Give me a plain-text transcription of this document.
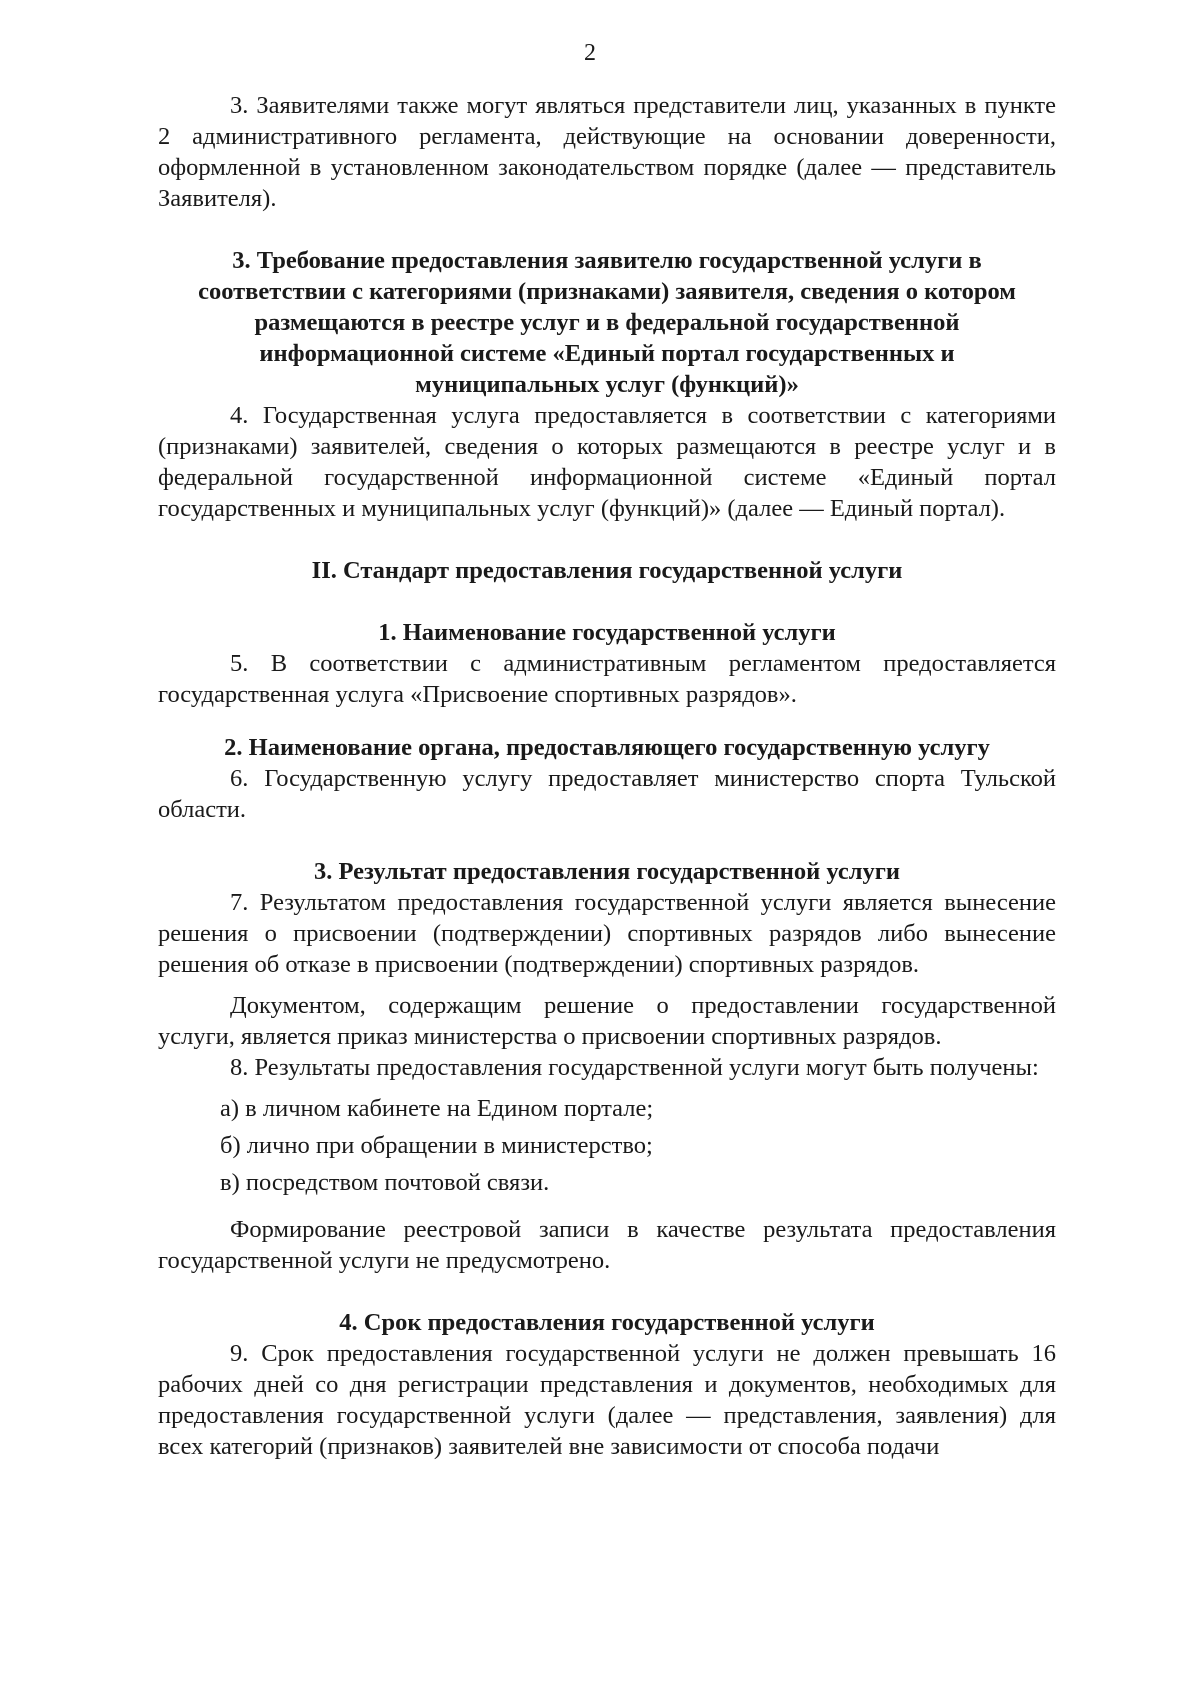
2

3. Заявителями также могут являться представители лиц, указанных в пункте 2 административного регламента, действующие на основании доверенности, оформленной в установленном законодательством порядке (далее — представитель Заявителя).

3. Требование предоставления заявителю государственной услуги в соответствии с категориями (признаками) заявителя, сведения о котором размещаются в реестре услуг и в федеральной государственной информационной системе «Единый портал государственных и муниципальных услуг (функций)»

4. Государственная услуга предоставляется в соответствии с категориями (признаками) заявителей, сведения о которых размещаются в реестре услуг и в федеральной государственной информационной системе «Единый портал государственных и муниципальных услуг (функций)» (далее — Единый портал).

II. Стандарт предоставления государственной услуги
1. Наименование государственной услуги

5. В соответствии с административным регламентом предоставляется государственная услуга «Присвоение спортивных разрядов».

2. Наименование органа, предоставляющего государственную услугу

6. Государственную услугу предоставляет министерство спорта Тульской области.

3. Результат предоставления государственной услуги

7. Результатом предоставления государственной услуги является вынесение решения о присвоении (подтверждении) спортивных разрядов либо вынесение решения об отказе в присвоении (подтверждении) спортивных разрядов.

Документом, содержащим решение о предоставлении государственной услуги, является приказ министерства о присвоении спортивных разрядов.

8. Результаты предоставления государственной услуги могут быть получены:

а) в личном кабинете на Едином портале;
б) лично при обращении в министерство;
в) посредством почтовой связи.

Формирование реестровой записи в качестве результата предоставления государственной услуги не предусмотрено.

4. Срок предоставления государственной услуги

9. Срок предоставления государственной услуги не должен превышать 16 рабочих дней со дня регистрации представления и документов, необходимых для предоставления государственной услуги (далее — представления, заявления) для всех категорий (признаков) заявителей вне зависимости от способа подачи
